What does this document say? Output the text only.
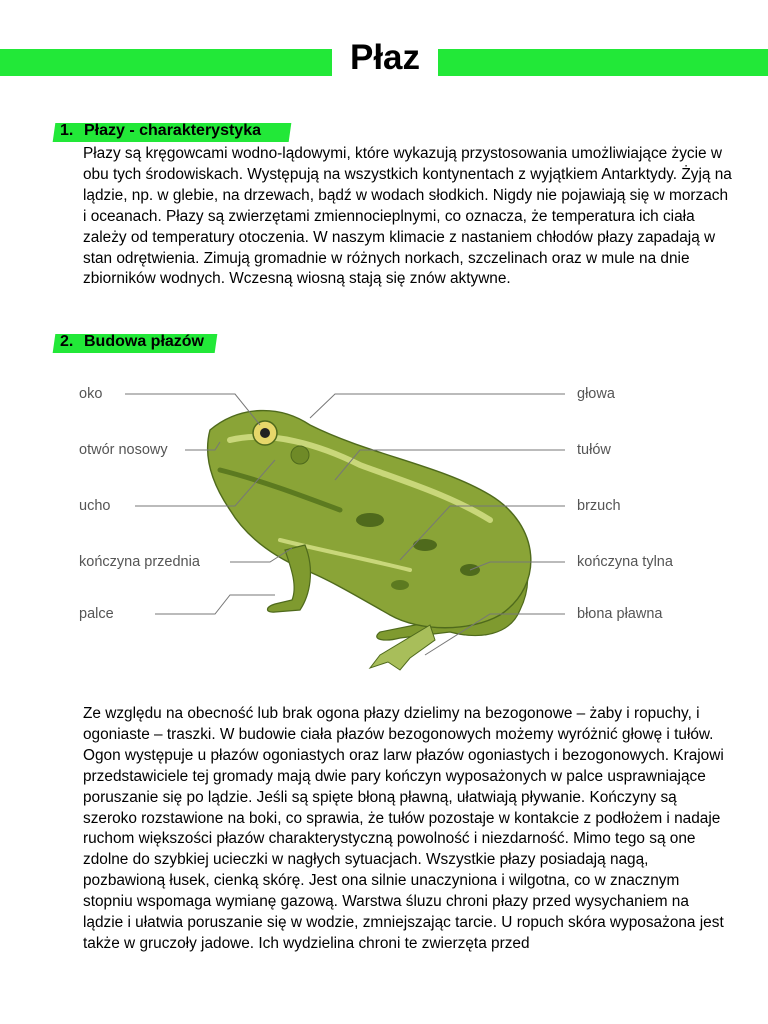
Płaz
1. Płazy - charakterystyka

Płazy są kręgowcami wodno-lądowymi, które wykazują przystosowania umożliwiające życie w obu tych środowiskach. Występują na wszystkich kontynentach z wyjątkiem Antarktydy. Żyją na lądzie, np. w glebie, na drzewach, bądź w wodach słodkich. Nigdy nie pojawiają się w morzach i oceanach. Płazy są zwierzętami zmiennocieplnymi, co oznacza, że temperatura ich ciała zależy od temperatury otoczenia. W naszym klimacie z nastaniem chłodów płazy zapadają w stan odrętwienia. Zimują gromadnie w różnych norkach, szczelinach oraz w mule na dnie zbiorników wodnych. Wczesną wiosną stają się znów aktywne.

2. Budowa płazów
oko
otwór nosowy
ucho
kończyna przednia
palce
głowa
tułów
brzuch
kończyna tylna
błona pławna

Ze względu na obecność lub brak ogona płazy dzielimy na bezogonowe – żaby i ropuchy, i ogoniaste – traszki. W budowie ciała płazów bezogonowych możemy wyróżnić głowę i tułów. Ogon występuje u płazów ogoniastych oraz larw płazów ogoniastych i bezogonowych. Krajowi przedstawiciele tej gromady mają dwie pary kończyn wyposażonych w palce usprawniające poruszanie się po lądzie. Jeśli są spięte błoną pławną, ułatwiają pływanie. Kończyny są szeroko rozstawione na boki, co sprawia, że tułów pozostaje w kontakcie z podłożem i nadaje ruchom większości płazów charakterystyczną powolność i niezdarność. Mimo tego są one zdolne do szybkiej ucieczki w nagłych sytuacjach. Wszystkie płazy posiadają nagą, pozbawioną łusek, cienką skórę. Jest ona silnie unaczyniona i wilgotna, co w znacznym stopniu wspomaga wymianę gazową. Warstwa śluzu chroni płazy przed wysychaniem na lądzie i ułatwia poruszanie się w wodzie, zmniejszając tarcie. U ropuch skóra wyposażona jest także w gruczoły jadowe. Ich wydzielina chroni te zwierzęta przed
